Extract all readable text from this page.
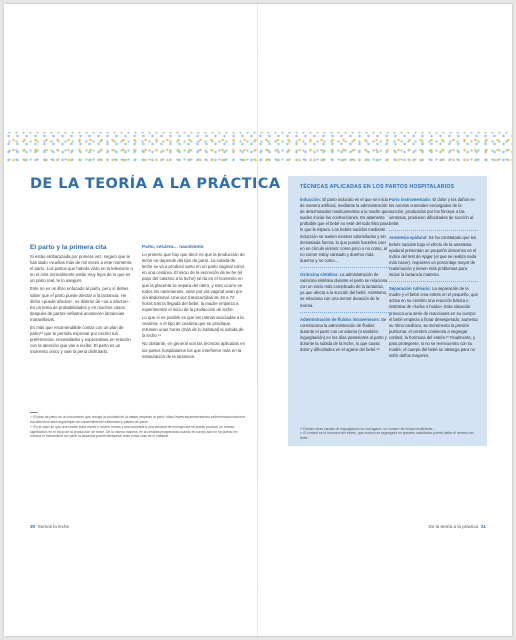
DE LA TEORÍA A LA PRÁCTICA
El parto y la primera cita

Si estás embarazada por primera vez, seguro que te has dado «vueltas más de mil veces a este momento: el parto. Los partos que habrás visto en la televisión o en el cine normalmente están muy lejos de lo que es un parto real, te lo aseguro.

Este no es un libro enfocado al parto, pero sí debes saber que el parto puede afectar a la lactancia. He dicho «puede afectar», es distinto de «va a afectar». Es un tema de probabilidades y en muchos casos después de partos nefastos acontecen lactancias maravillosas.

Es más que recomendable contar con un plan de parto¹⁸ que te permita expresar por escrito tus preferencias, necesidades y expectativas en relación con la atención que vas a recibir. El parto es un momento único y vale la pena disfrutarlo.

Parto, cesárea… nacimiento

Lo primero que hay que decir es que la producción de leche no depende del tipo de parto. La subida de leche se va a producir tanto en un parto vaginal como en una cesárea. El inicio de la secreción de leche (el paso del calostro a la leche) se da en el momento en que la placenta se separa del útero, y esto ocurre en todos los nacimientos, sean por vía vaginal sean por vía abdominal. Una vez transcurridas de 48 a 72 horas tras la llegada del bebé, la madre empieza a experimentar el inicio de la producción de leche.

Lo que sí es posible es que las rutinas asociadas a la cesárea, o el tipo de cesárea que se practique, retrasen unas horas (más de lo habitual) la subida de la leche.¹⁹

No obstante, en general son las técnicas aplicadas en los partos hospitalarios los que interfieren más en la instauración de la lactancia.

¹⁸ El plan de parto es un documento que recoge la voluntad de la madre respecto al parto. https://www.elpartoesnuestro.es/informacion/conoce-tus-derechos-area-legal/hojas-de-consentimiento-informado-y-planes-de-parto

¹⁹ En el caso de que una madre sufra estrés o mucho miedo y sea sometida a una cesárea de emergencia se puede producir un retraso significativo en el inicio de la producción de leche. De la misma manera, en la cesárea programada cuando el cuerpo aún no ha puesto en marcha el mecanismo del parto la lactancia puede retrasarse unas horas más de lo habitual.

30 Somos la leche	De la teoría a la práctica 31
TÉCNICAS APLICADAS EN LOS PARTOS HOSPITALARIOS

Inducción: El parto inducido es el que se inicia de manera artificial, mediante la administración de determinados medicamentos a la madre que suelen iniciar las contracciones. Es altamente probable que el bebé no esté del todo listo para lo que le espera. Los bebés nacidos mediante inducción se suelen mostrar adormilados y sin demasiada fuerza, lo que puede hacerles caer en un círculo vicioso: como poco o no como, al no comer estoy cansado y duermo más, duermo y no como…

Oxitocina sintética: La administración de oxitocina sintética durante el parto se relaciona con un inicio más complicado de la lactancia, ya que afecta a la succión del bebé. Asimismo, se relaciona con una menor duración de la misma.

Administración de fluidos intravenosos: Se correlaciona la administración de fluidos durante el parto con un edema (o también ingurgitación) en los días posteriores al parto y durante la subida de la leche, lo que causa dolor y dificultades en el agarre del bebé.²⁰

Parto instrumentado: El dolor y los daños en los nervios craneales encargados de la succión, producidos por los fórceps o las ventosas, producen dificultades de succión al bebé.

Anestesia epidural: Se ha constatado que los bebés nacidos bajo el efecto de la anestesia epidural presentan un pequeño descenso en el índice del test de Apgar (el que se realiza nada más nacer), requieren un porcentaje mayor de reanimación y tienen más problemas para iniciar la lactancia materna.

Separación rutinaria: La separación de la madre y el bebé crea estrés en el pequeño, que activa en su cerebro una reacción básica e instintiva de «lucha o huida». Esta situación provoca una serie de reacciones en su cuerpo: el bebé empieza a llorar desesperado, aumenta su ritmo cardíaco, se incrementa la presión pulmonar, el cerebro comienza a segregar cortisol, la hormona del estrés.²¹ Finalmente, y para protegerse, si no se reencuentra con su madre, el cuerpo del bebé se aletarga para no sufrir daños mayores.

²⁰ Existen otras causas de ingurgitación un mal agarre, un número de tomas insuficiente…

²¹ El cortisol es la hormona del estrés, que cuando es segregada en grandes cantidades puede dañar el cerebro del bebé.
